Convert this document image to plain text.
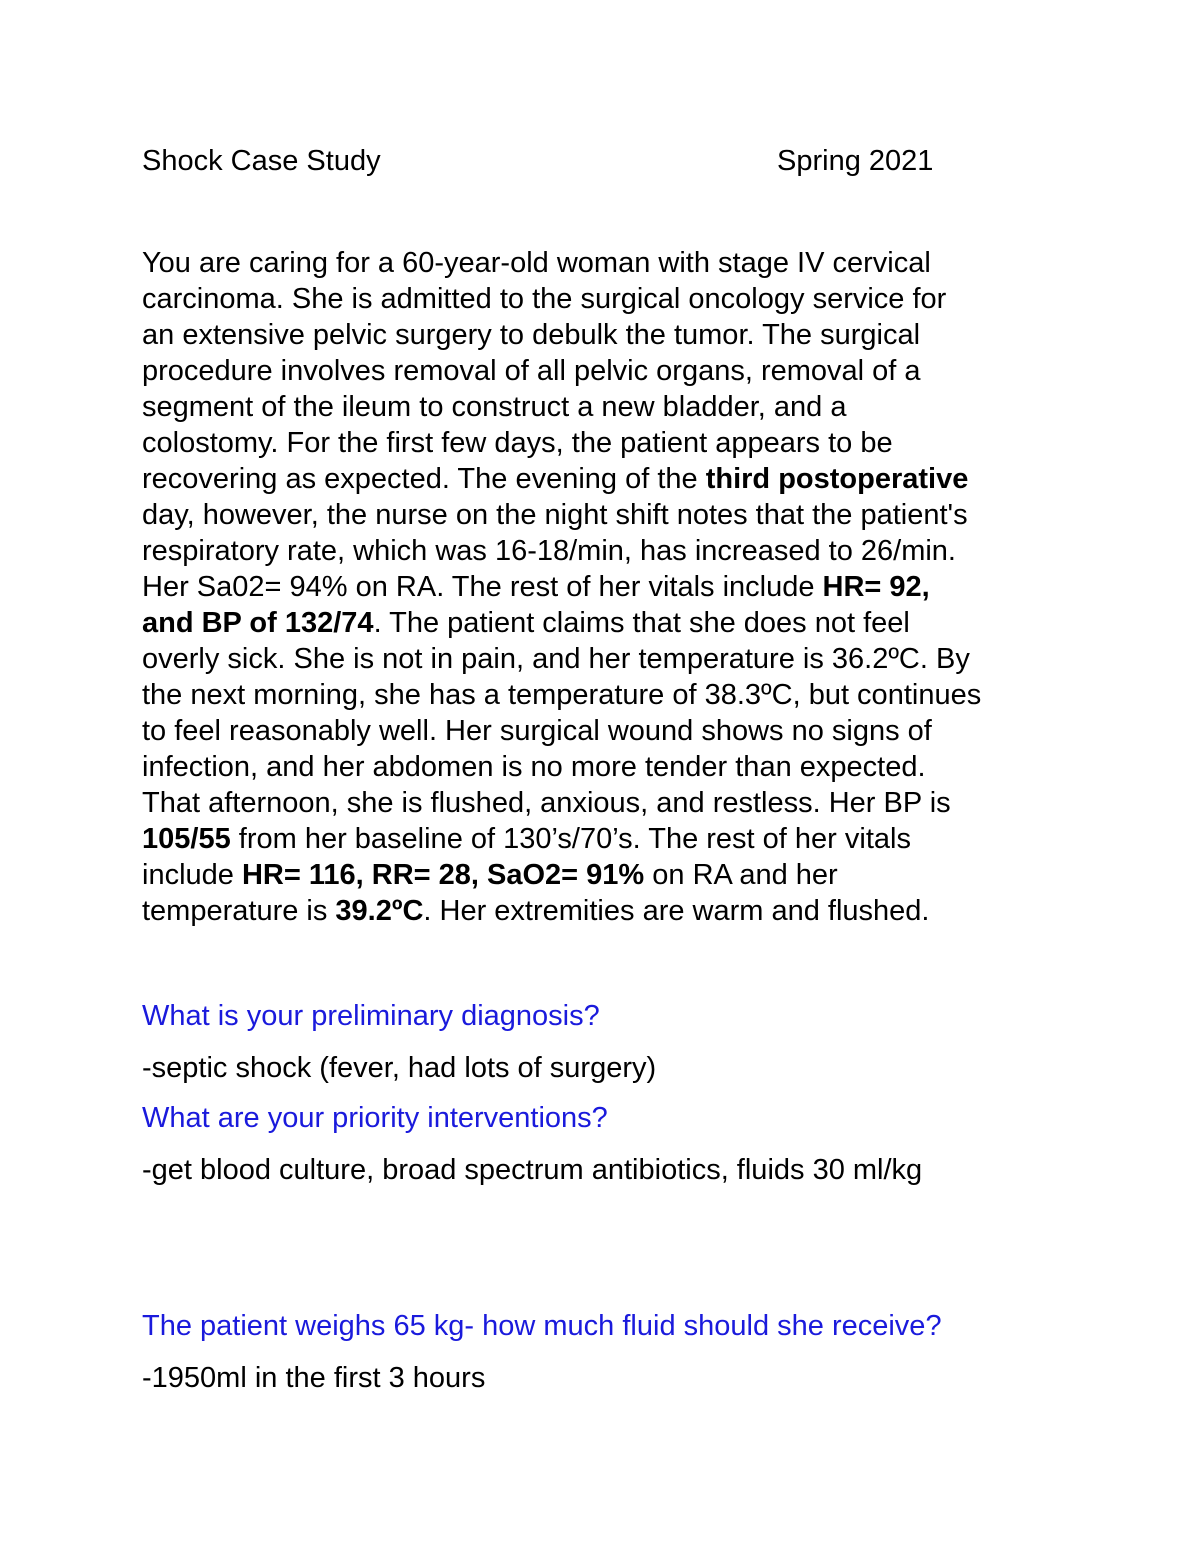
Shock Case Study	Spring 2021
You are caring for a 60-year-old woman with stage IV cervical
carcinoma. She is admitted to the surgical oncology service for
an extensive pelvic surgery to debulk the tumor. The surgical
procedure involves removal of all pelvic organs, removal of a
segment of the ileum to construct a new bladder, and a
colostomy. For the first few days, the patient appears to be
recovering as expected. The evening of the third postoperative
day, however, the nurse on the night shift notes that the patient's
respiratory rate, which was 16-18/min, has increased to 26/min.
Her Sa02= 94% on RA. The rest of her vitals include HR= 92,
and BP of 132/74. The patient claims that she does not feel
overly sick. She is not in pain, and her temperature is 36.2ºC. By
the next morning, she has a temperature of 38.3ºC, but continues
to feel reasonably well. Her surgical wound shows no signs of
infection, and her abdomen is no more tender than expected.
That afternoon, she is flushed, anxious, and restless. Her BP is
105/55 from her baseline of 130’s/70’s. The rest of her vitals
include HR= 116, RR= 28, SaO2= 91% on RA and her
temperature is 39.2ºC. Her extremities are warm and flushed.
What is your preliminary diagnosis?
-septic shock (fever, had lots of surgery)
What are your priority interventions?
-get blood culture, broad spectrum antibiotics, fluids 30 ml/kg
The patient weighs 65 kg- how much fluid should she receive?
-1950ml in the first 3 hours
